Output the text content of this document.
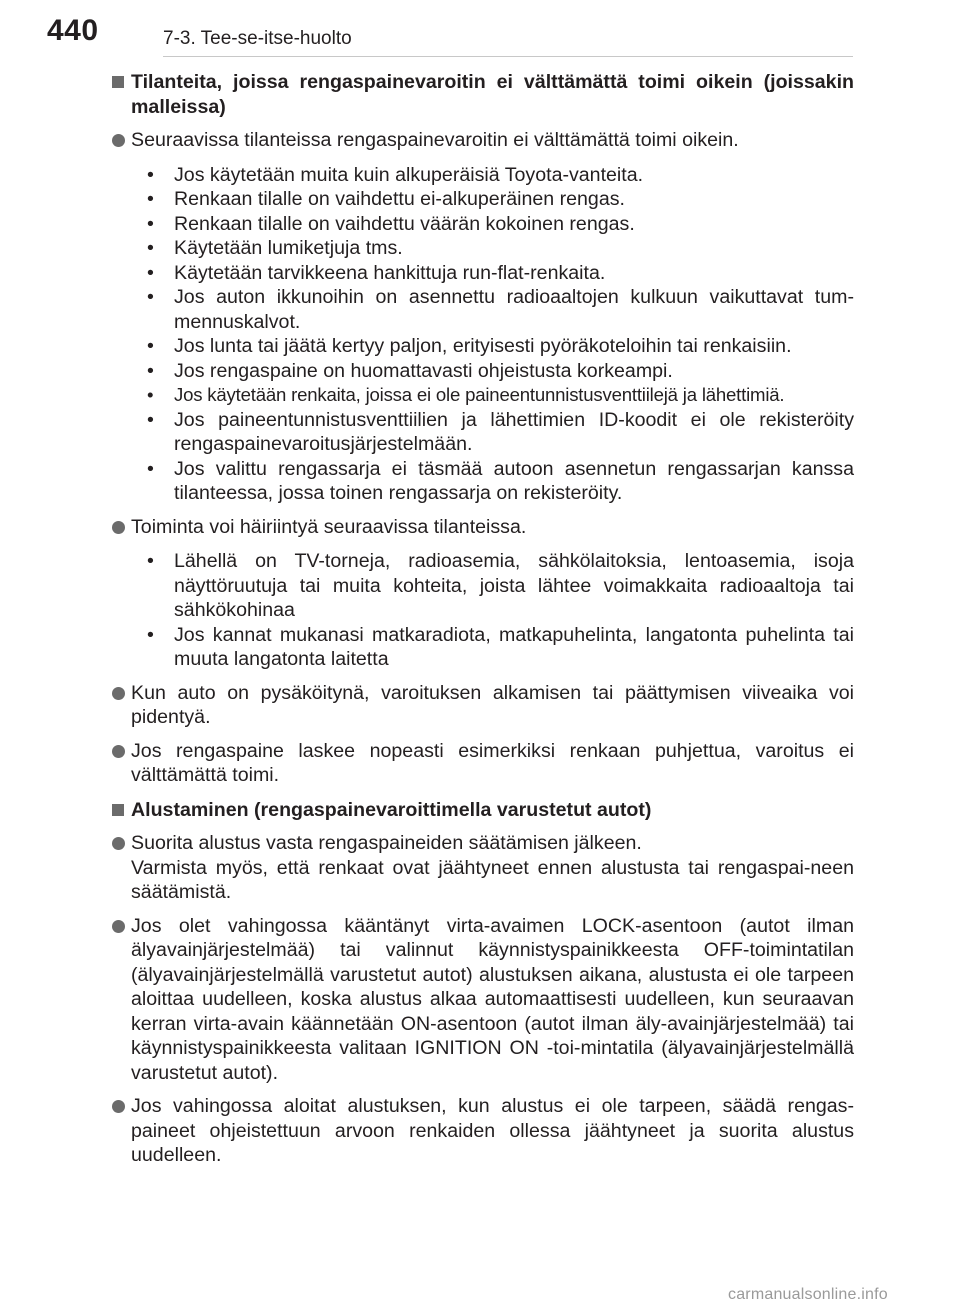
440	7-3. Tee-se-itse-huolto
Tilanteita, joissa rengaspainevaroitin ei välttämättä toimi oikein (joissakin malleissa)
Seuraavissa tilanteissa rengaspainevaroitin ei välttämättä toimi oikein.
• Jos käytetään muita kuin alkuperäisiä Toyota-vanteita.
• Renkaan tilalle on vaihdettu ei-alkuperäinen rengas.
• Renkaan tilalle on vaihdettu väärän kokoinen rengas.
• Käytetään lumiketjuja tms.
• Käytetään tarvikkeena hankittuja run-flat-renkaita.
• Jos auton ikkunoihin on asennettu radioaaltojen kulkuun vaikuttavat tum-mennuskalvot.
• Jos lunta tai jäätä kertyy paljon, erityisesti pyöräkoteloihin tai renkaisiin.
• Jos rengaspaine on huomattavasti ohjeistusta korkeampi.
• Jos käytetään renkaita, joissa ei ole paineentunnistusventtiilejä ja lähettimiä.
• Jos paineentunnistusventtiilien ja lähettimien ID-koodit ei ole rekisteröity rengaspainevaroitusjärjestelmään.
• Jos valittu rengassarja ei täsmää autoon asennetun rengassarjan kanssa tilanteessa, jossa toinen rengassarja on rekisteröity.
Toiminta voi häiriintyä seuraavissa tilanteissa.
• Lähellä on TV-torneja, radioasemia, sähkölaitoksia, lentoasemia, isoja näyttöruutuja tai muita kohteita, joista lähtee voimakkaita radioaaltoja tai sähkökohinaa
• Jos kannat mukanasi matkaradiota, matkapuhelinta, langatonta puhelinta tai muuta langatonta laitetta
Kun auto on pysäköitynä, varoituksen alkamisen tai päättymisen viiveaika voi pidentyä.
Jos rengaspaine laskee nopeasti esimerkiksi renkaan puhjettua, varoitus ei välttämättä toimi.
Alustaminen (rengaspainevaroittimella varustetut autot)
Suorita alustus vasta rengaspaineiden säätämisen jälkeen.
Varmista myös, että renkaat ovat jäähtyneet ennen alustusta tai rengaspai-neen säätämistä.
Jos olet vahingossa kääntänyt virta-avaimen LOCK-asentoon (autot ilman älyavainjärjestelmää) tai valinnut käynnistyspainikkeesta OFF-toimintatilan (älyavainjärjestelmällä varustetut autot) alustuksen aikana, alustusta ei ole tarpeen aloittaa uudelleen, koska alustus alkaa automaattisesti uudelleen, kun seuraavan kerran virta-avain käännetään ON-asentoon (autot ilman äly-avainjärjestelmää) tai käynnistyspainikkeesta valitaan IGNITION ON -toi-mintatila (älyavainjärjestelmällä varustetut autot).
Jos vahingossa aloitat alustuksen, kun alustus ei ole tarpeen, säädä rengas-paineet ohjeistettuun arvoon renkaiden ollessa jäähtyneet ja suorita alustus uudelleen.
carmanualsonline.info
